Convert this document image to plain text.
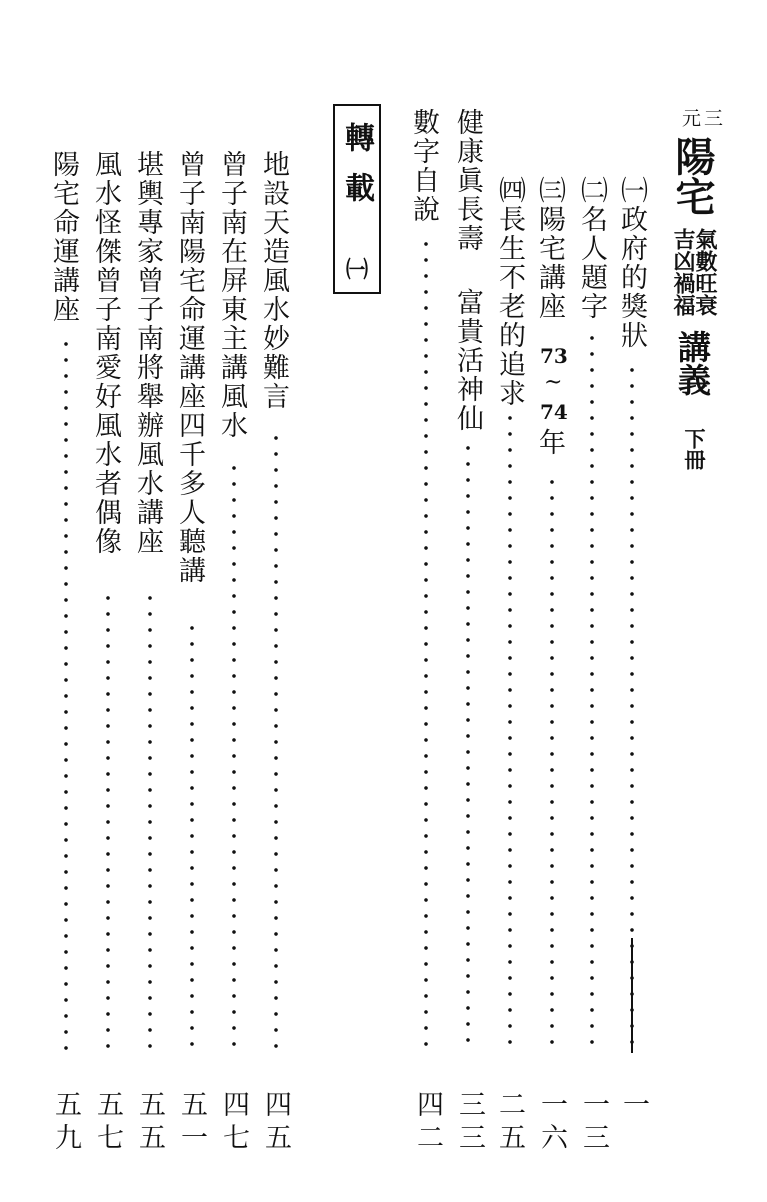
三
元
陽宅
氣數旺衰
吉凶禍福
講義
下冊
㈠政府的獎狀
一
㈡名人題字
一三
㈢陽宅講座
73
~
74
年
一六
㈣長生不老的追求
二五
健康眞長壽
富貴活神仙
三三
數字自說
四二
轉載
㈠
地設天造風水妙難言
四五
曾子南在屏東主講風水
四七
曾子南陽宅命運講座四千多人聽講
五一
堪輿專家曾子南將舉辦風水講座
五五
風水怪傑曾子南愛好風水者偶像
五七
陽宅命運講座
五九
